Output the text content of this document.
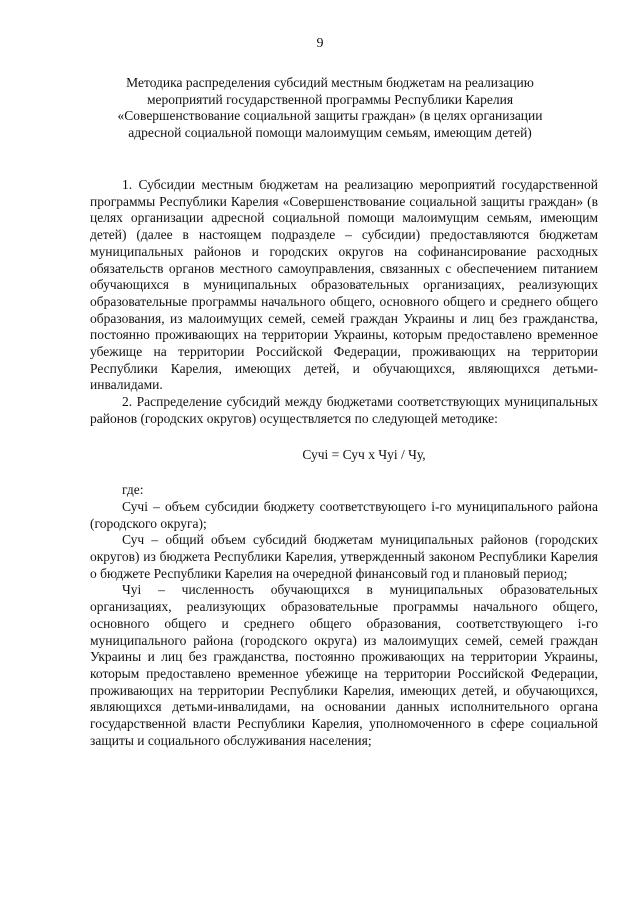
9
Методика распределения субсидий местным бюджетам на реализацию мероприятий государственной программы Республики Карелия «Совершенствование социальной защиты граждан» (в целях организации адресной социальной помощи малоимущим семьям, имеющим детей)

1. Субсидии местным бюджетам на реализацию мероприятий государственной программы Республики Карелия «Совершенствование социальной защиты граждан» (в целях организации адресной социальной помощи малоимущим семьям, имеющим детей) (далее в настоящем подразделе – субсидии) предоставляются бюджетам муниципальных районов и городских округов на софинансирование расходных обязательств органов местного самоуправления, связанных с обеспечением питанием обучающихся в муниципальных образовательных организациях, реализующих образовательные программы начального общего, основного общего и среднего общего образования, из малоимущих семей, семей граждан Украины и лиц без гражданства, постоянно проживающих на территории Украины, которым предоставлено временное убежище на территории Российской Федерации, проживающих на территории Республики Карелия, имеющих детей, и обучающихся, являющихся детьми-инвалидами.

2. Распределение субсидий между бюджетами соответствующих муниципальных районов (городских округов) осуществляется по следующей методике:

Сучi = Суч х Чуi / Чу,

где:

Сучi – объем субсидии бюджету соответствующего i-го муниципального района (городского округа);

Суч – общий объем субсидий бюджетам муниципальных районов (городских округов) из бюджета Республики Карелия, утвержденный законом Республики Карелия о бюджете Республики Карелия на очередной финансовый год и плановый период;

Чуi – численность обучающихся в муниципальных образовательных организациях, реализующих образовательные программы начального общего, основного общего и среднего общего образования, соответствующего i-го муниципального района (городского округа) из малоимущих семей, семей граждан Украины и лиц без гражданства, постоянно проживающих на территории Украины, которым предоставлено временное убежище на территории Российской Федерации, проживающих на территории Республики Карелия, имеющих детей, и обучающихся, являющихся детьми-инвалидами, на основании данных исполнительного органа государственной власти Республики Карелия, уполномоченного в сфере социальной защиты и социального обслуживания населения;
